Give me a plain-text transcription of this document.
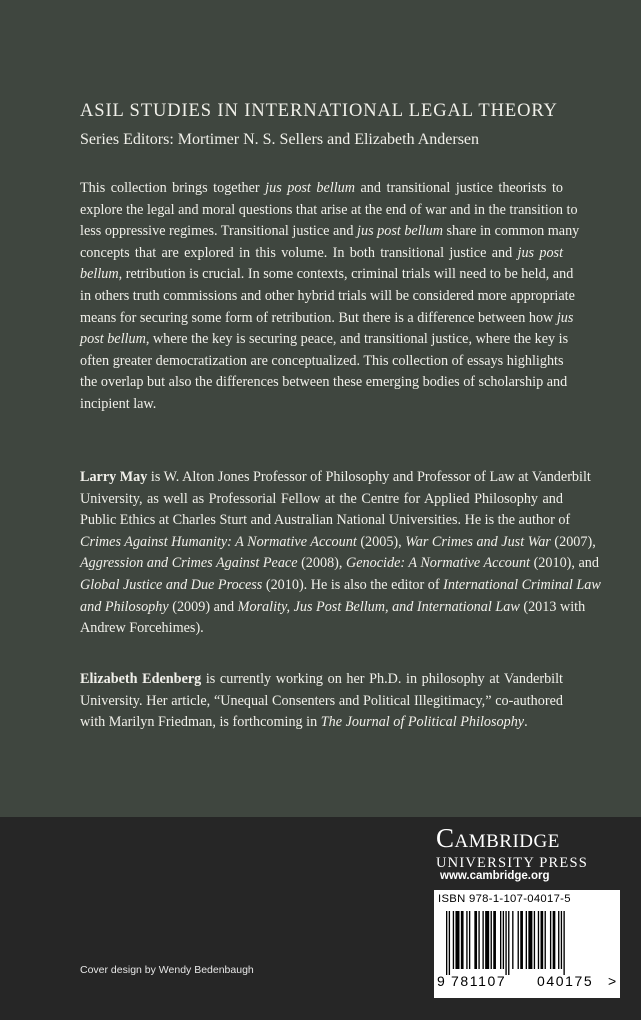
ASIL STUDIES IN INTERNATIONAL LEGAL THEORY
Series Editors: Mortimer N. S. Sellers and Elizabeth Andersen

This collection brings together jus post bellum and transitional justice theorists to
explore the legal and moral questions that arise at the end of war and in the transition to
less oppressive regimes. Transitional justice and jus post bellum share in common many
concepts that are explored in this volume. In both transitional justice and jus post
bellum, retribution is crucial. In some contexts, criminal trials will need to be held, and
in others truth commissions and other hybrid trials will be considered more appropriate
means for securing some form of retribution. But there is a difference between how jus
post bellum, where the key is securing peace, and transitional justice, where the key is
often greater democratization are conceptualized. This collection of essays highlights
the overlap but also the differences between these emerging bodies of scholarship and
incipient law.

Larry May is W. Alton Jones Professor of Philosophy and Professor of Law at Vanderbilt
University, as well as Professorial Fellow at the Centre for Applied Philosophy and
Public Ethics at Charles Sturt and Australian National Universities. He is the author of
Crimes Against Humanity: A Normative Account (2005), War Crimes and Just War (2007),
Aggression and Crimes Against Peace (2008), Genocide: A Normative Account (2010), and
Global Justice and Due Process (2010). He is also the editor of International Criminal Law
and Philosophy (2009) and Morality, Jus Post Bellum, and International Law (2013 with
Andrew Forcehimes).

Elizabeth Edenberg is currently working on her Ph.D. in philosophy at Vanderbilt
University. Her article, “Unequal Consenters and Political Illegitimacy,” co-authored
with Marilyn Friedman, is forthcoming in The Journal of Political Philosophy.

Cambridge
UNIVERSITY PRESS
www.cambridge.org
ISBN 978-1-107-04017-5
9 781107 040175 >
Cover design by Wendy Bedenbaugh
